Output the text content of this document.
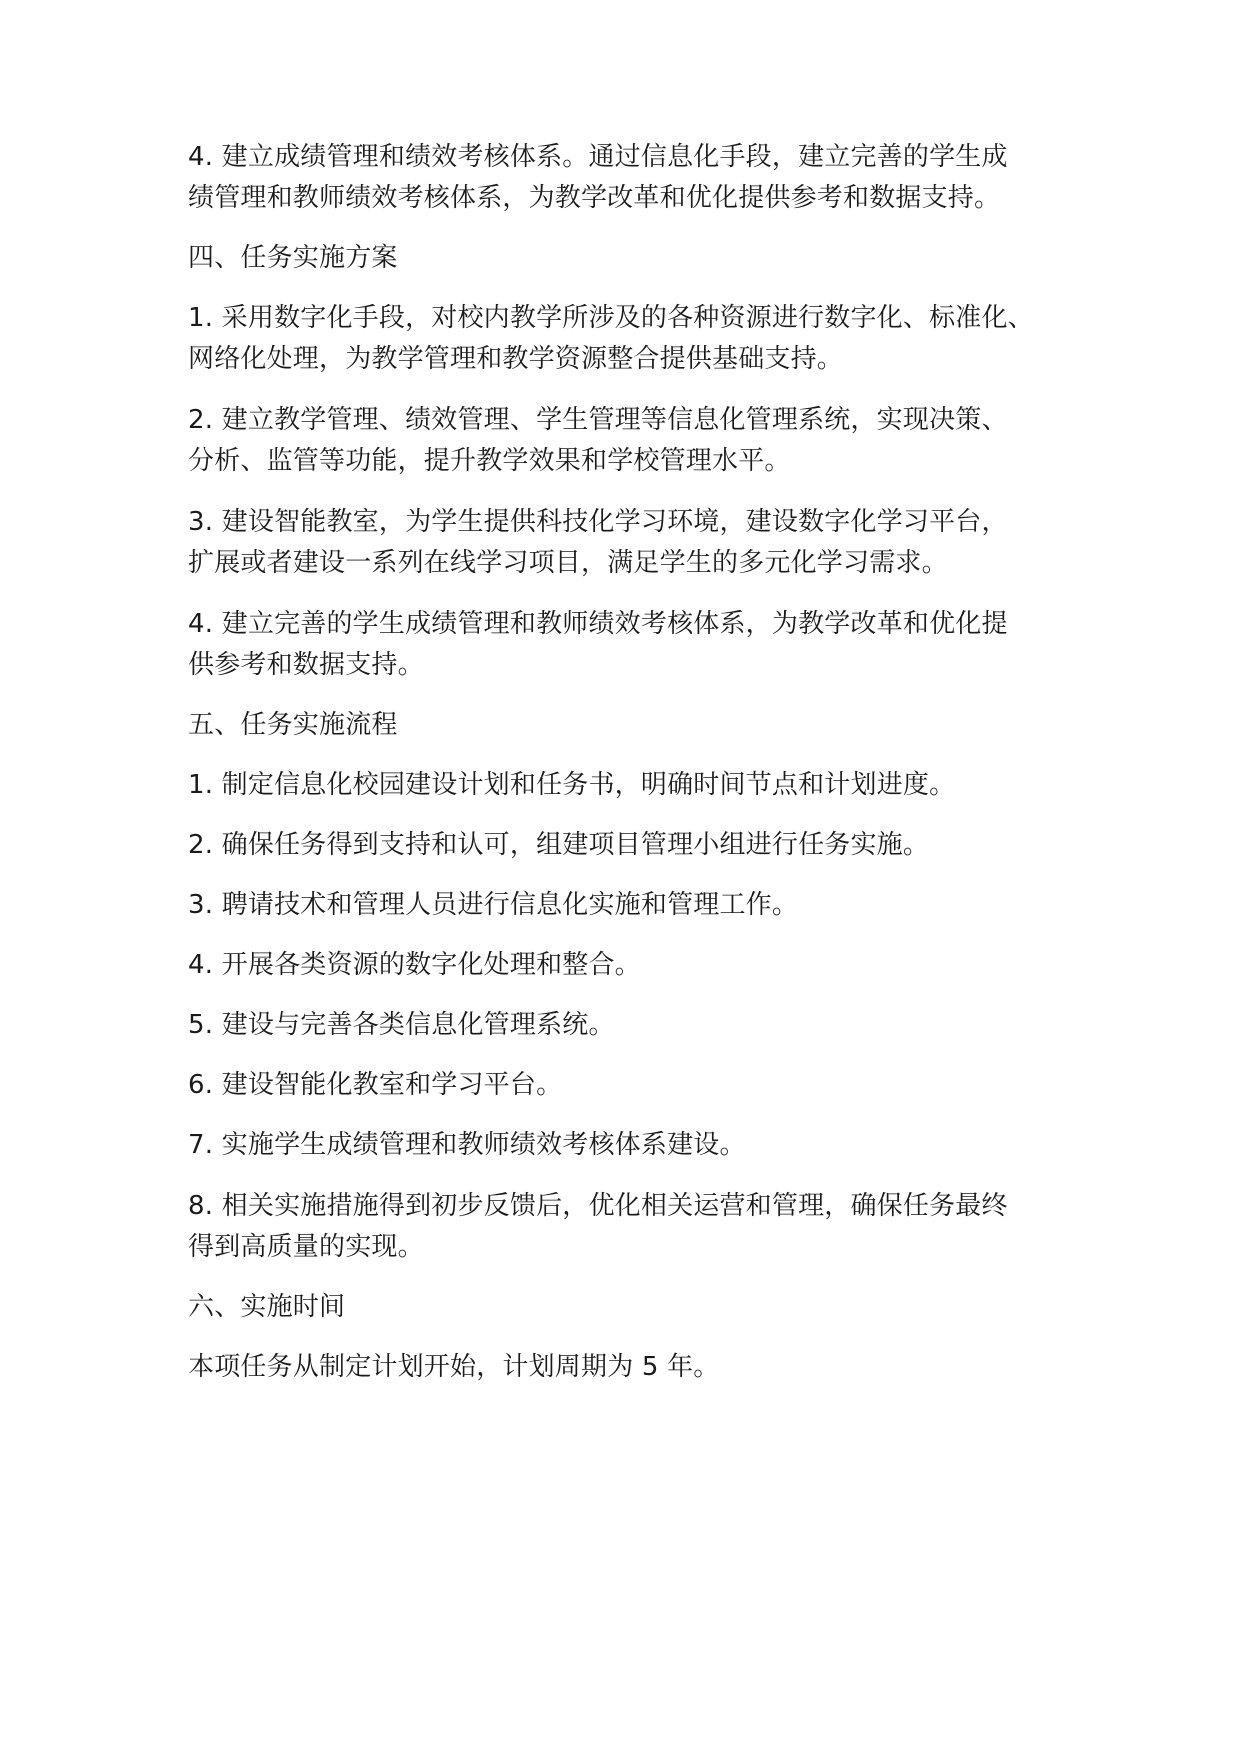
4. 建立成绩管理和绩效考核体系。通过信息化手段，建立完善的学生成
绩管理和教师绩效考核体系，为教学改革和优化提供参考和数据支持。
四、任务实施方案
1. 采用数字化手段，对校内教学所涉及的各种资源进行数字化、标准化、
网络化处理，为教学管理和教学资源整合提供基础支持。
2. 建立教学管理、绩效管理、学生管理等信息化管理系统，实现决策、
分析、监管等功能，提升教学效果和学校管理水平。
3. 建设智能教室，为学生提供科技化学习环境，建设数字化学习平台，
扩展或者建设一系列在线学习项目，满足学生的多元化学习需求。
4. 建立完善的学生成绩管理和教师绩效考核体系，为教学改革和优化提
供参考和数据支持。
五、任务实施流程
1. 制定信息化校园建设计划和任务书，明确时间节点和计划进度。
2. 确保任务得到支持和认可，组建项目管理小组进行任务实施。
3. 聘请技术和管理人员进行信息化实施和管理工作。
4. 开展各类资源的数字化处理和整合。
5. 建设与完善各类信息化管理系统。
6. 建设智能化教室和学习平台。
7. 实施学生成绩管理和教师绩效考核体系建设。
8. 相关实施措施得到初步反馈后，优化相关运营和管理，确保任务最终
得到高质量的实现。
六、实施时间
本项任务从制定计划开始，计划周期为 5 年。
